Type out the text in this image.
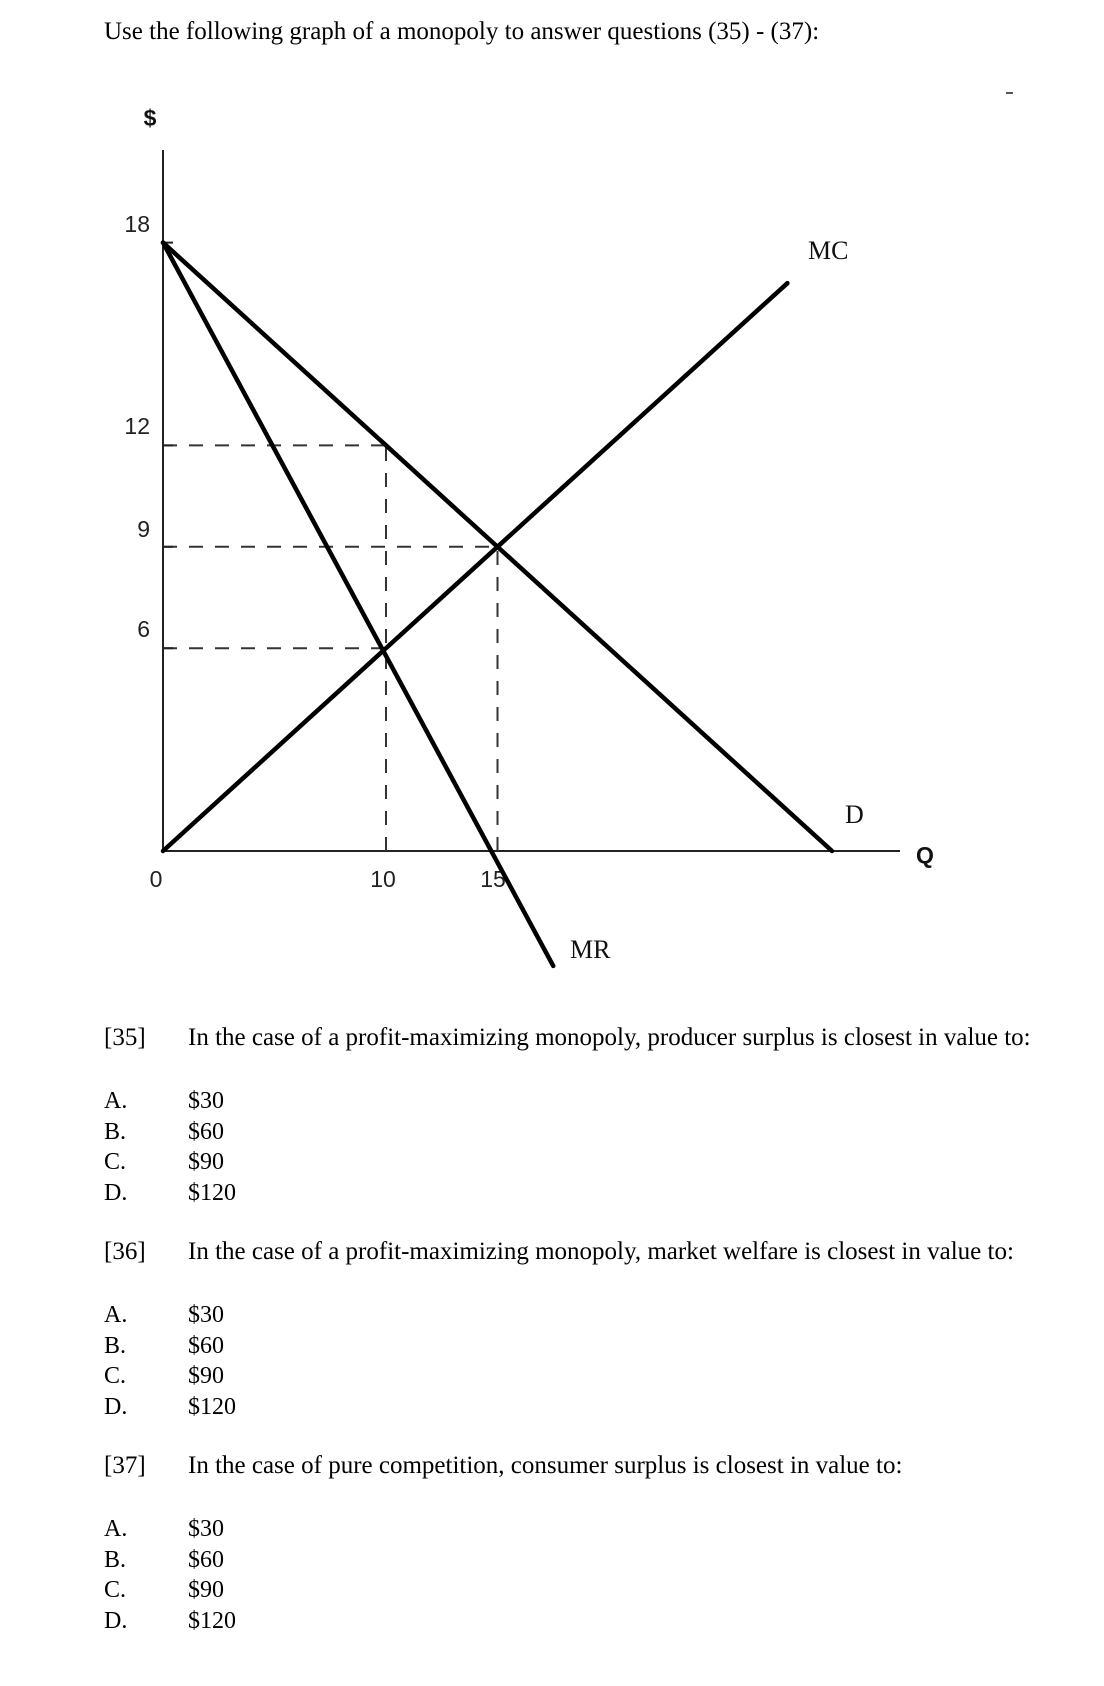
Use the following graph of a monopoly to answer questions (35) - (37):
$
Q
18
12
9
6
0	10	15
MC
D
MR
[35] In the case of a profit-maximizing monopoly, producer surplus is closest in value to:
A.	$30
B.	$60
C.	$90
D.	$120
[36] In the case of a profit-maximizing monopoly, market welfare is closest in value to:
A.	$30
B.	$60
C.	$90
D.	$120
[37] In the case of pure competition, consumer surplus is closest in value to:
A.	$30
B.	$60
C.	$90
D.	$120
